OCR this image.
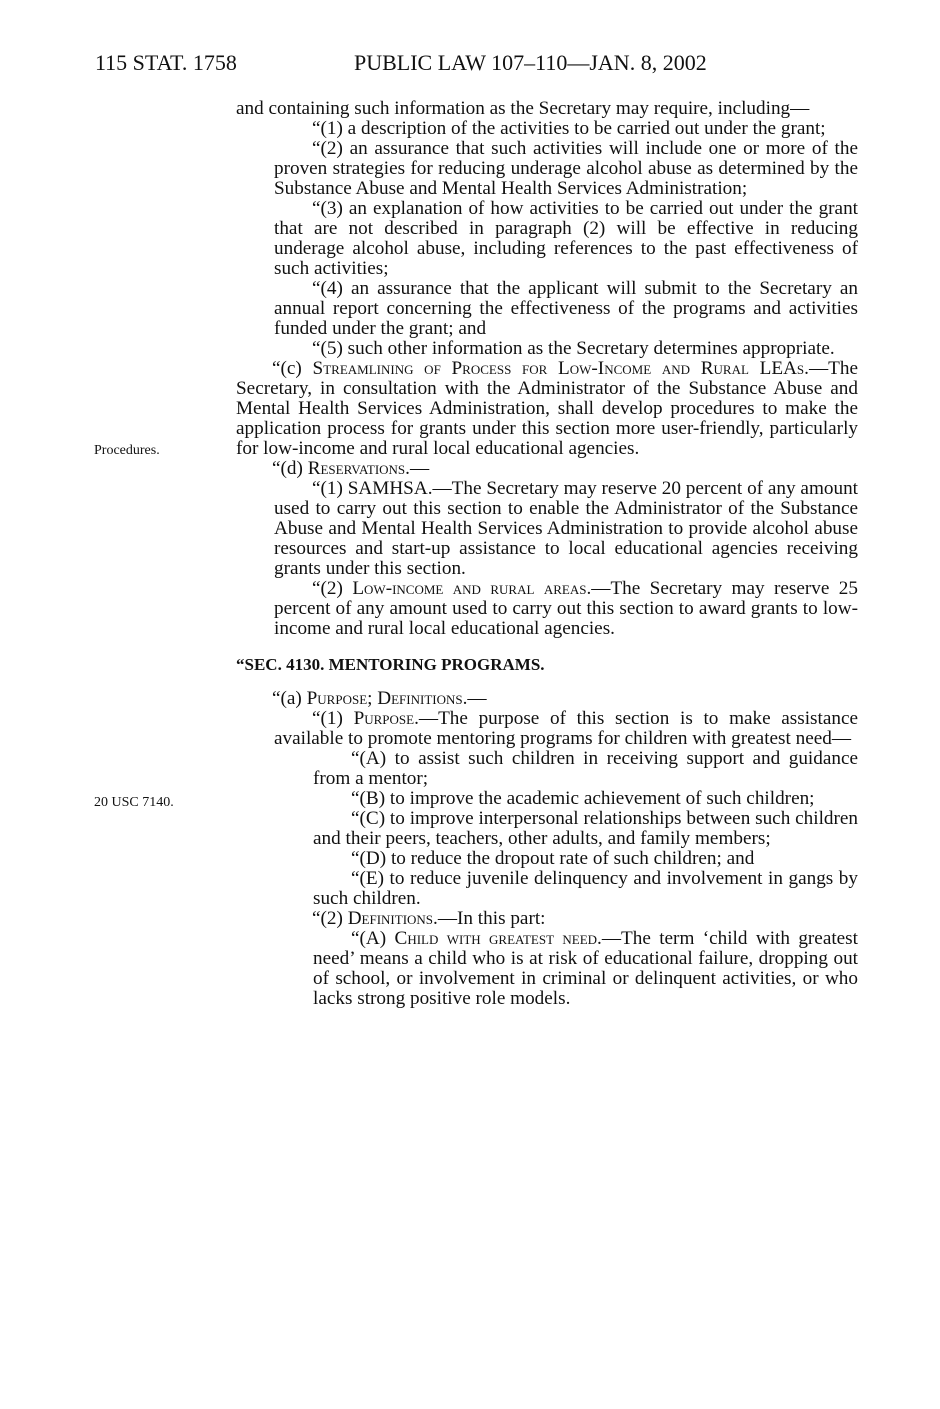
115 STAT. 1758	PUBLIC LAW 107–110—JAN. 8, 2002
Procedures.
20 USC 7140.

and containing such information as the Secretary may require, including—

“(1) a description of the activities to be carried out under the grant;

“(2) an assurance that such activities will include one or more of the proven strategies for reducing underage alcohol abuse as determined by the Substance Abuse and Mental Health Services Administration;

“(3) an explanation of how activities to be carried out under the grant that are not described in paragraph (2) will be effective in reducing underage alcohol abuse, including references to the past effectiveness of such activities;

“(4) an assurance that the applicant will submit to the Secretary an annual report concerning the effectiveness of the programs and activities funded under the grant; and

“(5) such other information as the Secretary determines appropriate.

“(c) Streamlining of Process for Low-Income and Rural LEAs.—The Secretary, in consultation with the Administrator of the Substance Abuse and Mental Health Services Administration, shall develop procedures to make the application process for grants under this section more user-friendly, particularly for low-income and rural local educational agencies.

“(d) Reservations.—

“(1) SAMHSA.—The Secretary may reserve 20 percent of any amount used to carry out this section to enable the Administrator of the Substance Abuse and Mental Health Services Administration to provide alcohol abuse resources and start-up assistance to local educational agencies receiving grants under this section.

“(2) Low-income and rural areas.—The Secretary may reserve 25 percent of any amount used to carry out this section to award grants to low-income and rural local educational agencies.

“SEC. 4130. MENTORING PROGRAMS.

“(a) Purpose; Definitions.—

“(1) Purpose.—The purpose of this section is to make assistance available to promote mentoring programs for children with greatest need—

“(A) to assist such children in receiving support and guidance from a mentor;

“(B) to improve the academic achievement of such children;

“(C) to improve interpersonal relationships between such children and their peers, teachers, other adults, and family members;

“(D) to reduce the dropout rate of such children; and

“(E) to reduce juvenile delinquency and involvement in gangs by such children.

“(2) Definitions.—In this part:

“(A) Child with greatest need.—The term ‘child with greatest need’ means a child who is at risk of educational failure, dropping out of school, or involvement in criminal or delinquent activities, or who lacks strong positive role models.
